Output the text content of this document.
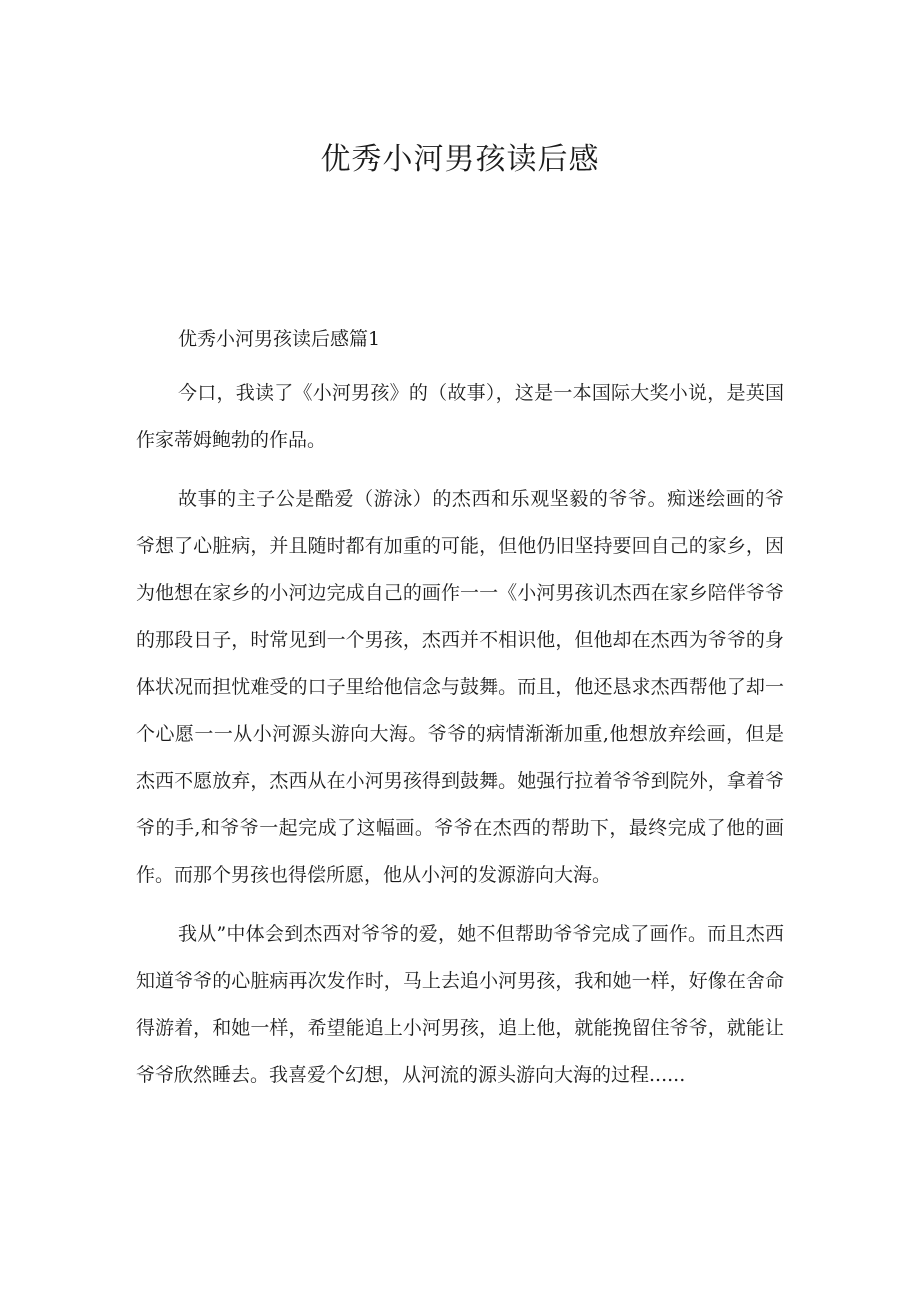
优秀小河男孩读后感

优秀小河男孩读后感篇1

今口，我读了《小河男孩》的（故事），这是一本国际大奖小说，是英国作家蒂姆鲍勃的作品。

故事的主子公是酷爱（游泳）的杰西和乐观坚毅的爷爷。痴迷绘画的爷爷想了心脏病，并且随时都有加重的可能，但他仍旧坚持要回自己的家乡，因为他想在家乡的小河边完成自己的画作一一《小河男孩讥杰西在家乡陪伴爷爷的那段日子，时常见到一个男孩，杰西并不相识他，但他却在杰西为爷爷的身体状况而担忧难受的口子里给他信念与鼓舞。而且，他还恳求杰西帮他了却一个心愿一一从小河源头游向大海。爷爷的病情渐渐加重,他想放弃绘画，但是杰西不愿放弃，杰西从在小河男孩得到鼓舞。她强行拉着爷爷到院外，拿着爷爷的手,和爷爷一起完成了这幅画。爷爷在杰西的帮助下，最终完成了他的画作。而那个男孩也得偿所愿，他从小河的发源游向大海。

我从”中体会到杰西对爷爷的爱，她不但帮助爷爷完成了画作。而且杰西知道爷爷的心脏病再次发作时，马上去追小河男孩，我和她一样，好像在舍命得游着，和她一样，希望能追上小河男孩，追上他，就能挽留住爷爷，就能让爷爷欣然睡去。我喜爱个幻想，从河流的源头游向大海的过程......
